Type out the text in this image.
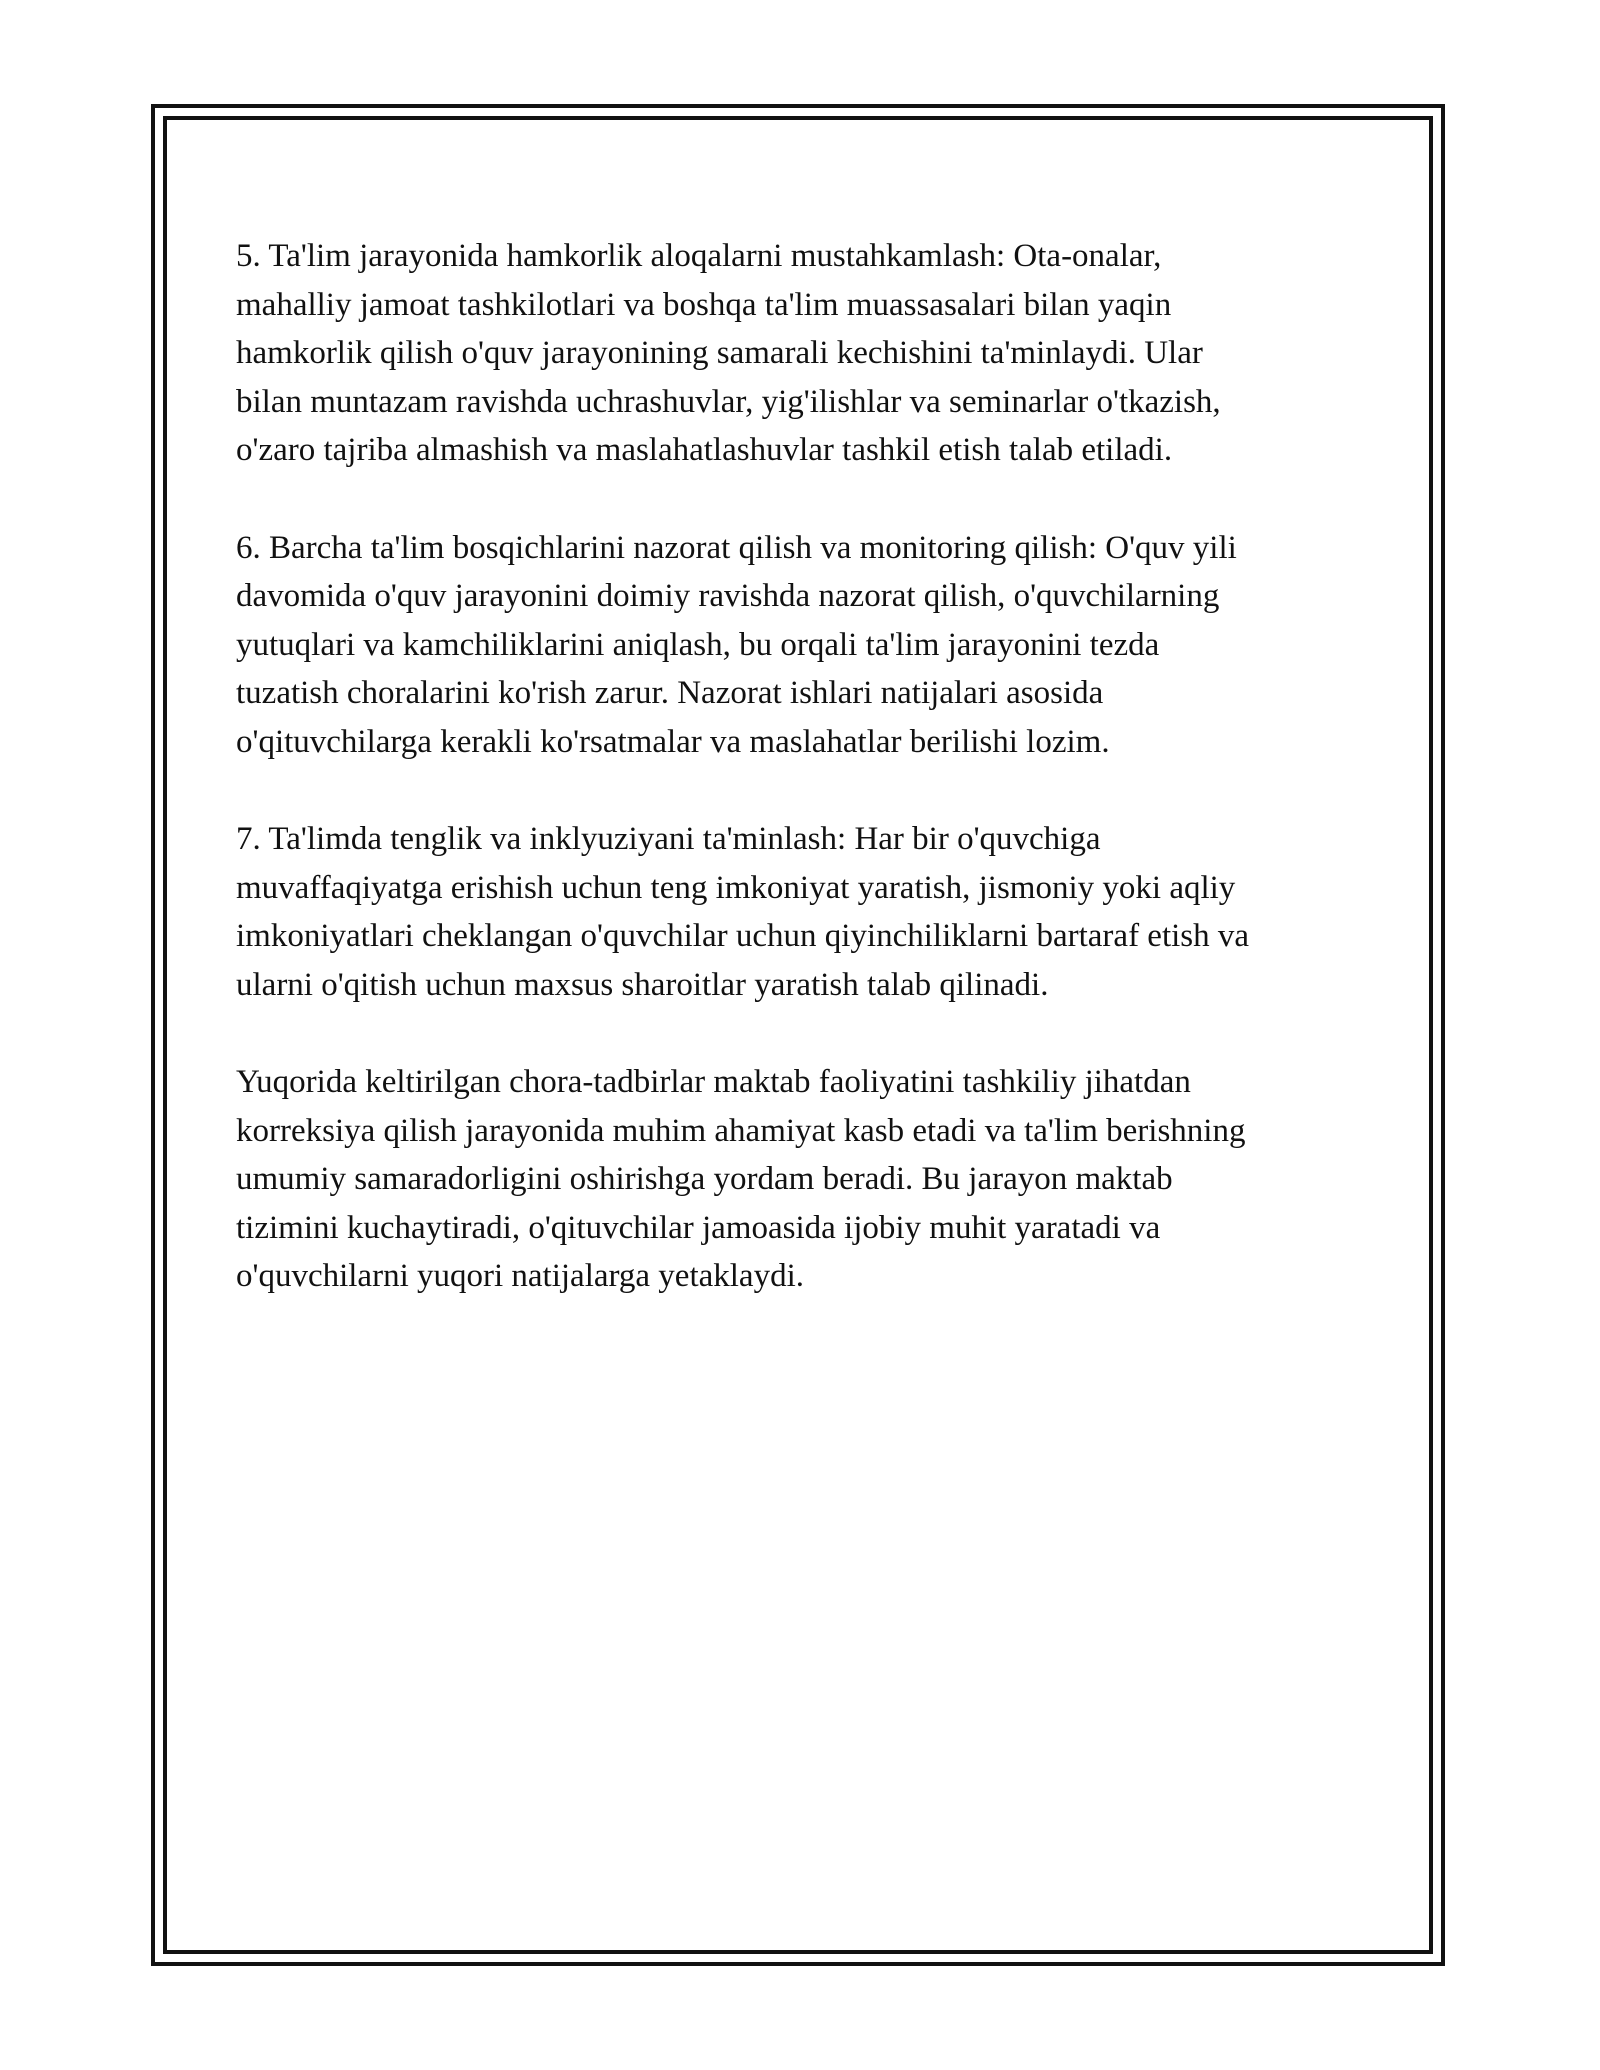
5. Ta'lim jarayonida hamkorlik aloqalarni mustahkamlash: Ota-onalar,
mahalliy jamoat tashkilotlari va boshqa ta'lim muassasalari bilan yaqin
hamkorlik qilish o'quv jarayonining samarali kechishini ta'minlaydi. Ular
bilan muntazam ravishda uchrashuvlar, yig'ilishlar va seminarlar o'tkazish,
o'zaro tajriba almashish va maslahatlashuvlar tashkil etish talab etiladi.

6. Barcha ta'lim bosqichlarini nazorat qilish va monitoring qilish: O'quv yili
davomida o'quv jarayonini doimiy ravishda nazorat qilish, o'quvchilarning
yutuqlari va kamchiliklarini aniqlash, bu orqali ta'lim jarayonini tezda
tuzatish choralarini ko'rish zarur. Nazorat ishlari natijalari asosida
o'qituvchilarga kerakli ko'rsatmalar va maslahatlar berilishi lozim.

7. Ta'limda tenglik va inklyuziyani ta'minlash: Har bir o'quvchiga
muvaffaqiyatga erishish uchun teng imkoniyat yaratish, jismoniy yoki aqliy
imkoniyatlari cheklangan o'quvchilar uchun qiyinchiliklarni bartaraf etish va
ularni o'qitish uchun maxsus sharoitlar yaratish talab qilinadi.

Yuqorida keltirilgan chora-tadbirlar maktab faoliyatini tashkiliy jihatdan
korreksiya qilish jarayonida muhim ahamiyat kasb etadi va ta'lim berishning
umumiy samaradorligini oshirishga yordam beradi. Bu jarayon maktab
tizimini kuchaytiradi, o'qituvchilar jamoasida ijobiy muhit yaratadi va
o'quvchilarni yuqori natijalarga yetaklaydi.
